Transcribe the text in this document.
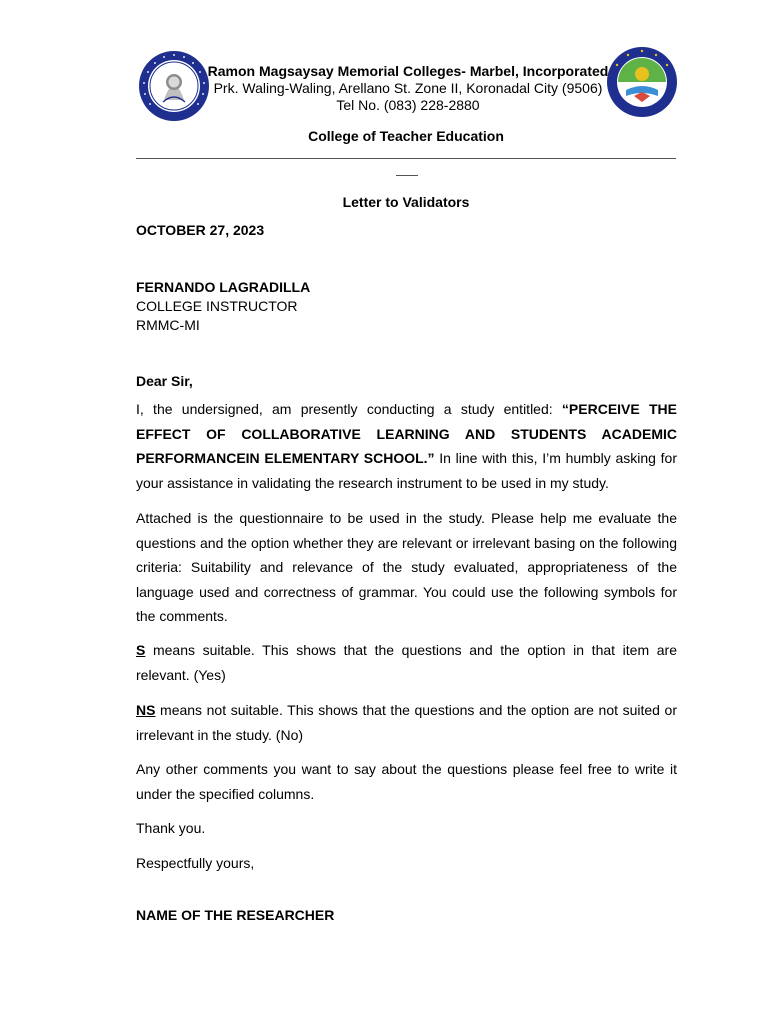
Ramon Magsaysay Memorial Colleges- Marbel, Incorporated
Prk. Waling-Waling, Arellano St. Zone II, Koronadal City (9506)
Tel No. (083) 228-2880
College of Teacher Education
Letter to Validators
OCTOBER 27, 2023
FERNANDO LAGRADILLA
COLLEGE INSTRUCTOR
RMMC-MI
Dear Sir,
I, the undersigned, am presently conducting a study entitled: “PERCEIVE THE EFFECT OF COLLABORATIVE LEARNING AND STUDENTS ACADEMIC PERFORMANCEIN ELEMENTARY SCHOOL.” In line with this, I’m humbly asking for your assistance in validating the research instrument to be used in my study.
Attached is the questionnaire to be used in the study. Please help me evaluate the questions and the option whether they are relevant or irrelevant basing on the following criteria: Suitability and relevance of the study evaluated, appropriateness of the language used and correctness of grammar. You could use the following symbols for the comments.
S means suitable. This shows that the questions and the option in that item are relevant. (Yes)
NS means not suitable. This shows that the questions and the option are not suited or irrelevant in the study. (No)
Any other comments you want to say about the questions please feel free to write it under the specified columns.
Thank you.
Respectfully yours,
NAME OF THE RESEARCHER
